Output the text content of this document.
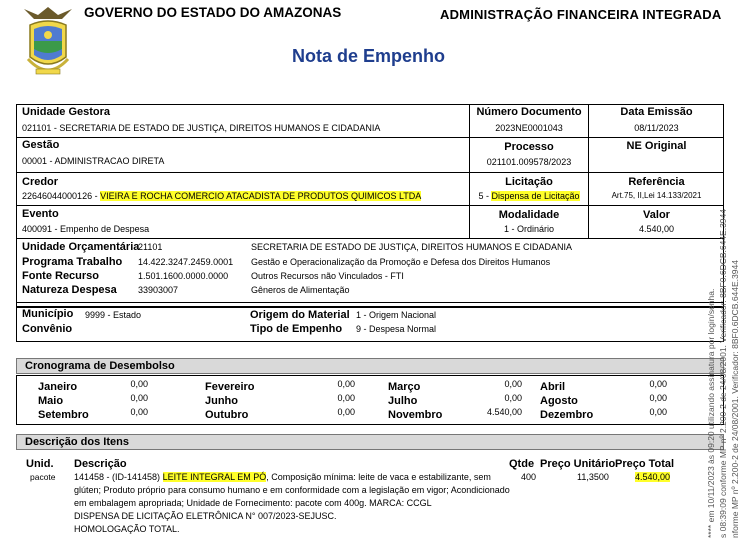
GOVERNO DO ESTADO DO AMAZONAS	ADMINISTRAÇÃO FINANCEIRA INTEGRADA
Nota de Empenho
Unidade Gestora
021101 - SECRETARIA DE ESTADO DE JUSTIÇA, DIREITOS HUMANOS E CIDADANIA
Número Documento
2023NE0001043
Data Emissão
08/11/2023
Gestão
00001 - ADMINISTRACAO DIRETA
Processo
021101.009578/2023
NE Original
Credor
22646044000126 - VIEIRA E ROCHA COMERCIO ATACADISTA DE PRODUTOS QUIMICOS LTDA
Licitação
5 - Dispensa de Licitação
Referência
Art.75, II,Lei 14.133/2021
Evento
400091 - Empenho de Despesa
Modalidade
1 - Ordinário
Valor
4.540,00
Unidade Orçamentária
21101	SECRETARIA DE ESTADO DE JUSTIÇA, DIREITOS HUMANOS E CIDADANIA
Programa Trabalho 14.422.3247.2459.0001 Gestão e Operacionalização da Promoção e Defesa dos Direitos Humanos
Fonte Recurso	1.501.1600.0000.0000	Outros Recursos não Vinculados - FTI
Natureza Despesa 33903007	Gêneros de Alimentação
Município 9999 - Estado
Convênio
Origem do Material 1 - Origem Nacional
Tipo de Empenho 9 - Despesa Normal
Cronograma de Desembolso
Janeiro	0,00	Fevereiro	0,00	Março	0,00 Abril	0,00
Maio	0,00	Junho	0,00	Julho	0,00 Agosto	0,00
Setembro	0,00	Outubro	0,00	Novembro	4.540,00 Dezembro	0,00
Descrição dos Itens
Unid. Descrição	Qtde Preço Unitário Preço Total
pacote 141458 - (ID-141458) LEITE INTEGRAL EM PÓ, Composição mínima: leite de vaca e estabilizante, sem
glúten; Produto próprio para consumo humano e em conformidade com a legislação em vigor; Acondicionado
em embalagem apropriada; Unidade de Fornecimento: pacote com 400g. MARCA: CCGL
DISPENSA DE LICITAÇÃO ELETRÔNICA N° 007/2023-SEJUSC.
HOMOLOGAÇÃO TOTAL.
400	11,3500	4.540,00	**** em 10/11/2023 às 09:20 utilizando assinatura por login/senha. s 08:39:09 conforme MP nº 2.200-2 de 24/08/2001. Verificador: 8BF0.6DCB.644E.3944 nforme MP nº 2.200-2 de 24/08/2001. Verificador: 8BF0.6DCB.644E.3944
